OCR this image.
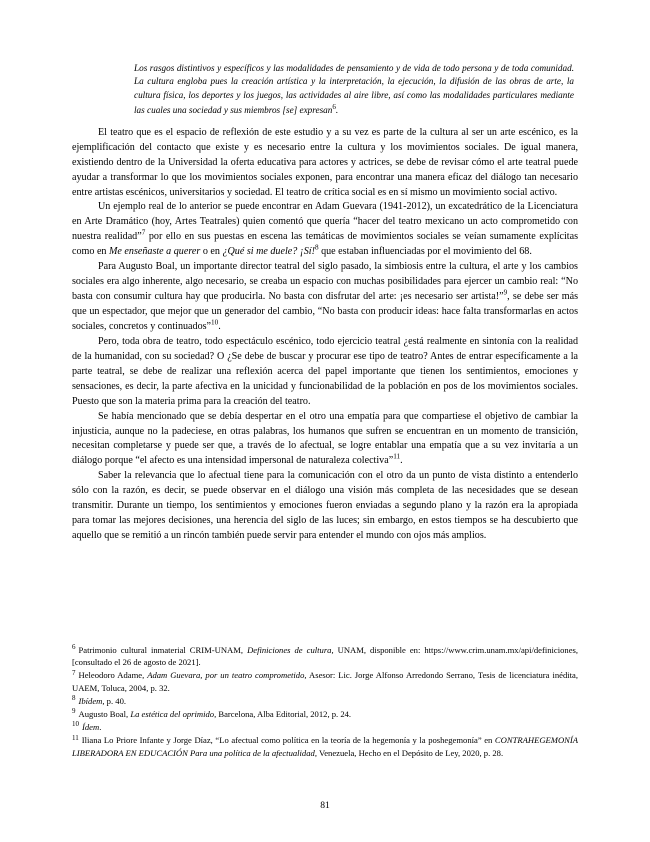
Los rasgos distintivos y específicos y las modalidades de pensamiento y de vida de todo persona y de toda comunidad. La cultura engloba pues la creación artística y la interpretación, la ejecución, la difusión de las obras de arte, la cultura física, los deportes y los juegos, las actividades al aire libre, así como las modalidades particulares mediante las cuales una sociedad y sus miembros [se] expresan$^6$.

El teatro que es el espacio de reflexión de este estudio y a su vez es parte de la cultura al ser un arte escénico, es la ejemplificación del contacto que existe y es necesario entre la cultura y los movimientos sociales. De igual manera, existiendo dentro de la Universidad la oferta educativa para actores y actrices, se debe de revisar cómo el arte teatral puede ayudar a transformar lo que los movimientos sociales exponen, para encontrar una manera eficaz del diálogo tan necesario entre artistas escénicos, universitarios y sociedad. El teatro de crítica social es en sí mismo un movimiento social activo.

Un ejemplo real de lo anterior se puede encontrar en Adam Guevara (1941-2012), un excatedrático de la Licenciatura en Arte Dramático (hoy, Artes Teatrales) quien comentó que quería “hacer del teatro mexicano un acto comprometido con nuestra realidad”$^7$ por ello en sus puestas en escena las temáticas de movimientos sociales se veían sumamente explícitas como en Me enseñaste a querer o en ¿Qué si me duele? ¡Sí!$^8$ que estaban influenciadas por el movimiento del 68.

Para Augusto Boal, un importante director teatral del siglo pasado, la simbiosis entre la cultura, el arte y los cambios sociales era algo inherente, algo necesario, se creaba un espacio con muchas posibilidades para ejercer un cambio real: “No basta con consumir cultura hay que producirla. No basta con disfrutar del arte: ¡es necesario ser artista!”$^9$, se debe ser más que un espectador, que mejor que un generador del cambio, “No basta con producir ideas: hace falta transformarlas en actos sociales, concretos y continuados”$^{10}$.

Pero, toda obra de teatro, todo espectáculo escénico, todo ejercicio teatral ¿está realmente en sintonía con la realidad de la humanidad, con su sociedad? O ¿Se debe de buscar y procurar ese tipo de teatro? Antes de entrar específicamente a la parte teatral, se debe de realizar una reflexión acerca del papel importante que tienen los sentimientos, emociones y sensaciones, es decir, la parte afectiva en la unicidad y funcionabilidad de la población en pos de los movimientos sociales. Puesto que son la materia prima para la creación del teatro.

Se había mencionado que se debía despertar en el otro una empatía para que compartiese el objetivo de cambiar la injusticia, aunque no la padeciese, en otras palabras, los humanos que sufren se encuentran en un momento de transición, necesitan completarse y puede ser que, a través de lo afectual, se logre entablar una empatía que a su vez invitaría a un diálogo porque “el afecto es una intensidad impersonal de naturaleza colectiva”$^{11}$.

Saber la relevancia que lo afectual tiene para la comunicación con el otro da un punto de vista distinto a entenderlo sólo con la razón, es decir, se puede observar en el diálogo una visión más completa de las necesidades que se desean transmitir. Durante un tiempo, los sentimientos y emociones fueron enviadas a segundo plano y la razón era la apropiada para tomar las mejores decisiones, una herencia del siglo de las luces; sin embargo, en estos tiempos se ha descubierto que aquello que se remitió a un rincón también puede servir para entender el mundo con ojos más amplios.

$^6$ Patrimonio cultural inmaterial CRIM-UNAM, Definiciones de cultura, UNAM, disponible en: https://www.crim.unam.mx/api/definiciones, [consultado el 26 de agosto de 2021].

$^7$ Heleodoro Adame, Adam Guevara, por un teatro comprometido, Asesor: Lic. Jorge Alfonso Arredondo Serrano, Tesis de licenciatura inédita, UAEM, Toluca, 2004, p. 32.

$^8$ Ibídem, p. 40.

$^9$ Augusto Boal, La estética del oprimido, Barcelona, Alba Editorial, 2012, p. 24.

$^{10}$ Ídem.

$^{11}$ Iliana Lo Priore Infante y Jorge Díaz, “Lo afectual como política en la teoría de la hegemonía y la poshegemonía” en CONTRAHEGEMONÍA LIBERADORA EN EDUCACIÓN Para una política de la afectualidad, Venezuela, Hecho en el Depósito de Ley, 2020, p. 28.

81
